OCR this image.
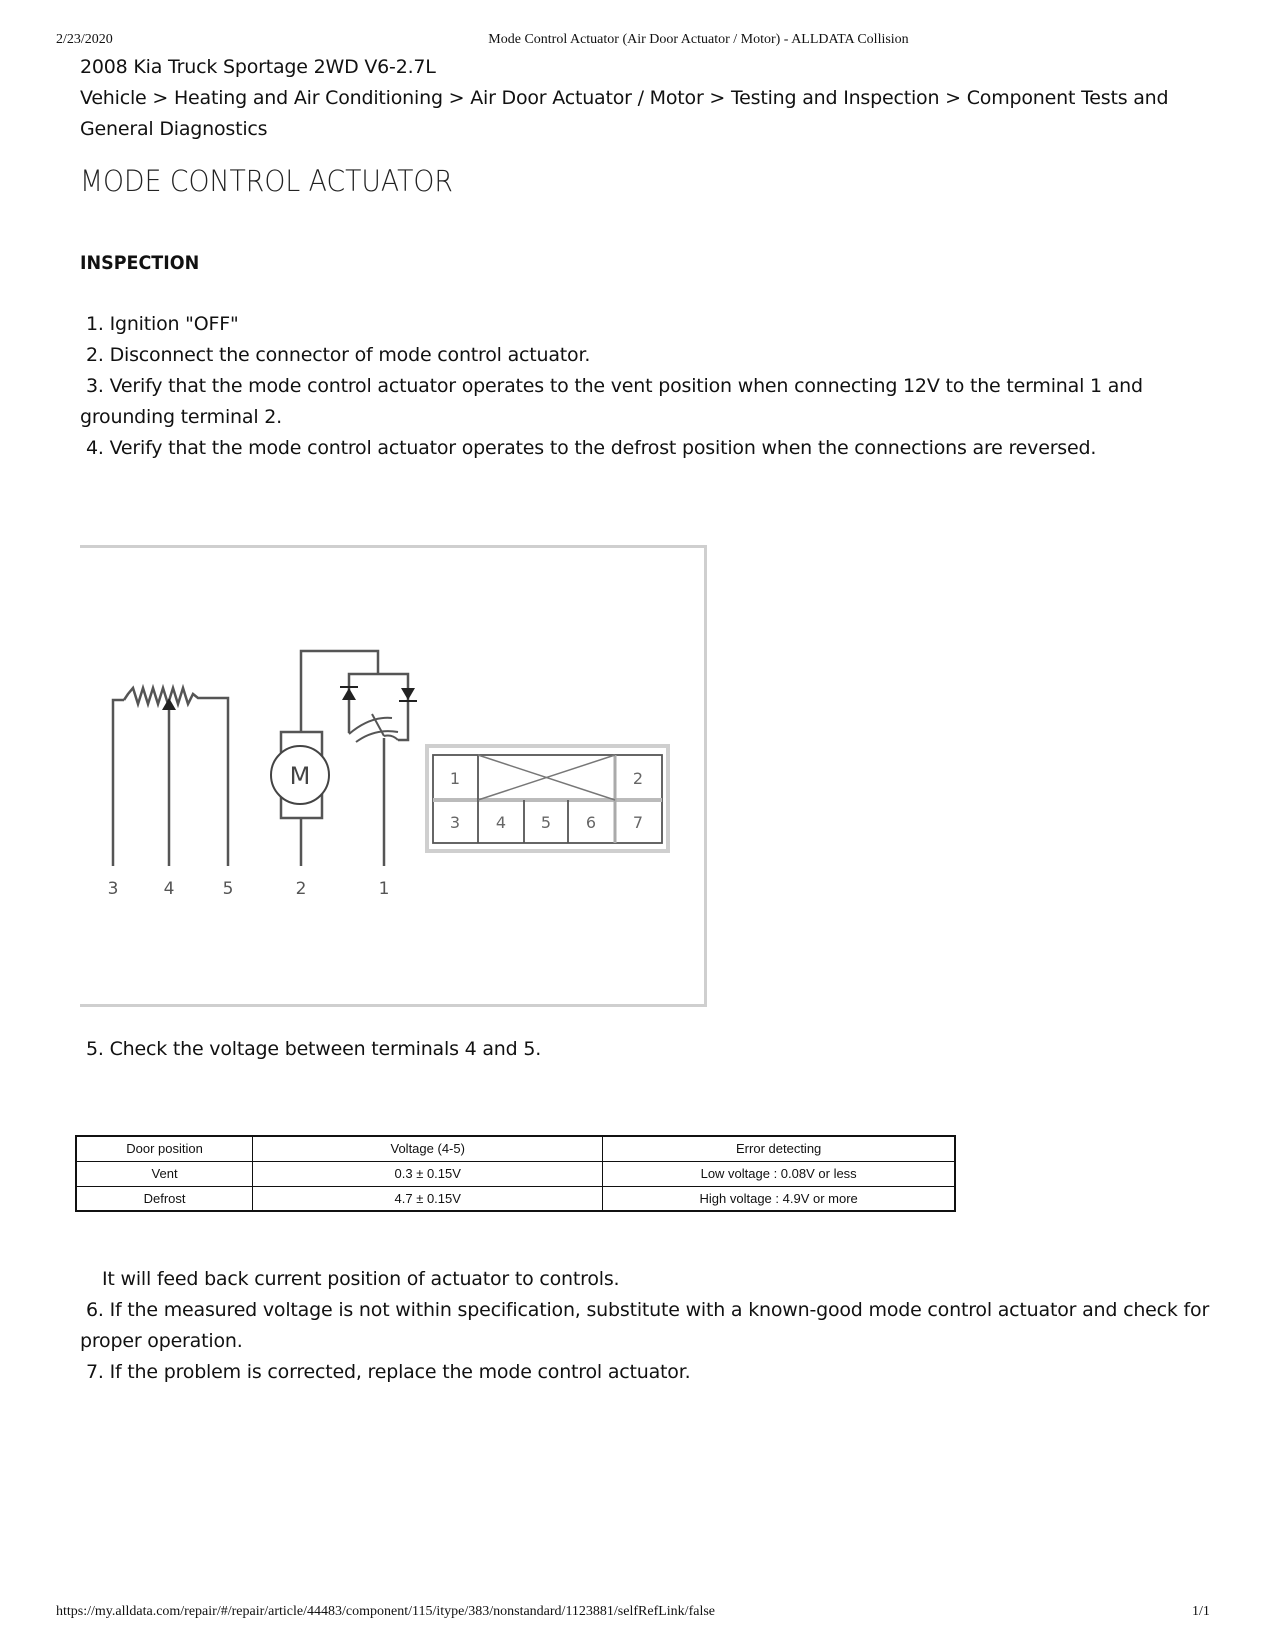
2/23/2020	Mode Control Actuator (Air Door Actuator / Motor) - ALLDATA Collision
2008 Kia Truck Sportage 2WD V6-2.7L
Vehicle > Heating and Air Conditioning > Air Door Actuator / Motor > Testing and Inspection > Component Tests and General Diagnostics
MODE CONTROL ACTUATOR
INSPECTION
1. Ignition "OFF"
2. Disconnect the connector of mode control actuator.
3. Verify that the mode control actuator operates to the vent position when connecting 12V to the terminal 1 and grounding terminal 2.
4. Verify that the mode control actuator operates to the defrost position when the connections are reversed.
5. Check the voltage between terminals 4 and 5.
It will feed back current position of actuator to controls.
6. If the measured voltage is not within specification, substitute with a known-good mode control actuator and check for proper operation.
7. If the problem is corrected, replace the mode control actuator.
M
3	4	5	2	1
1	2
3 4 5 6 7
Door position	Voltage (4-5)	Error detecting
Vent	0.3 ± 0.15V	Low voltage : 0.08V or less
Defrost	4.7 ± 0.15V	High voltage : 4.9V or more
https://my.alldata.com/repair/#/repair/article/44483/component/115/itype/383/nonstandard/1123881/selfRefLink/false	1/1
